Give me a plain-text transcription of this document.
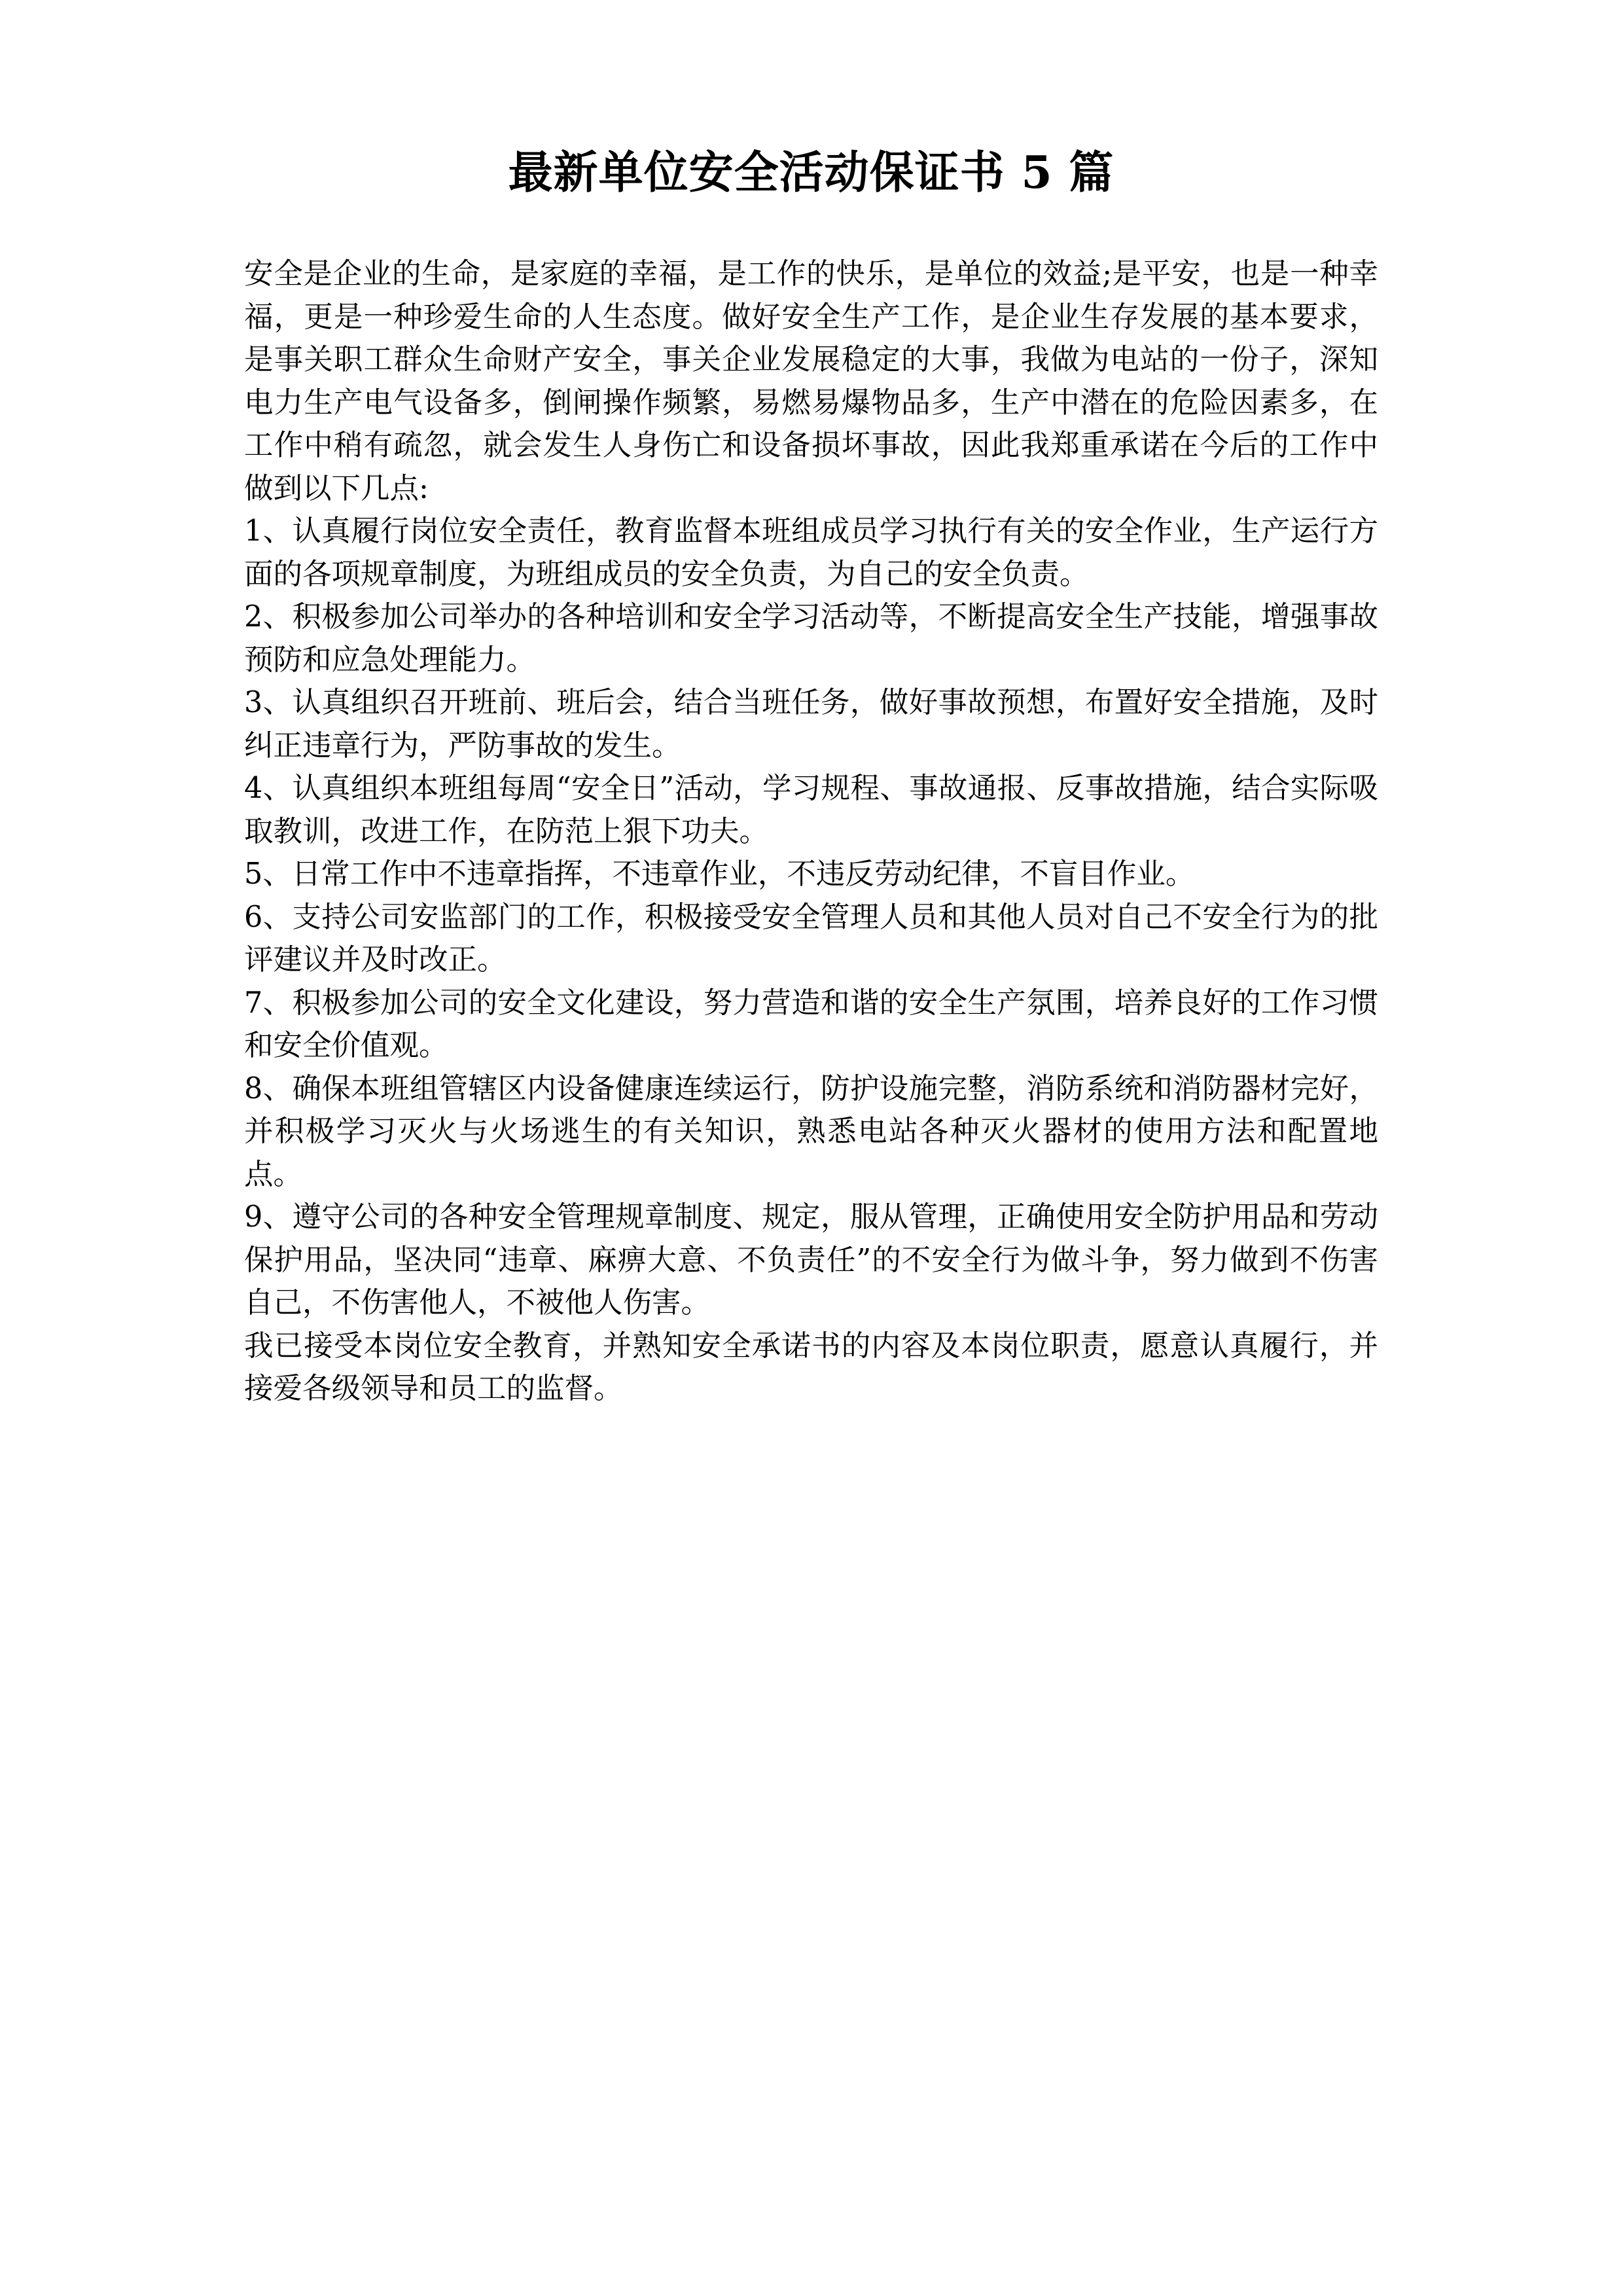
最新单位安全活动保证书 5 篇

安全是企业的生命，是家庭的幸福，是工作的快乐，是单位的效益;是平安，也是一种幸福，更是一种珍爱生命的人生态度。做好安全生产工作，是企业生存发展的基本要求，是事关职工群众生命财产安全，事关企业发展稳定的大事，我做为电站的一份子，深知电力生产电气设备多，倒闸操作频繁，易燃易爆物品多，生产中潜在的危险因素多，在工作中稍有疏忽，就会发生人身伤亡和设备损坏事故，因此我郑重承诺在今后的工作中做到以下几点:

1、认真履行岗位安全责任，教育监督本班组成员学习执行有关的安全作业，生产运行方面的各项规章制度，为班组成员的安全负责，为自己的安全负责。

2、积极参加公司举办的各种培训和安全学习活动等，不断提高安全生产技能，增强事故预防和应急处理能力。

3、认真组织召开班前、班后会，结合当班任务，做好事故预想，布置好安全措施，及时纠正违章行为，严防事故的发生。

4、认真组织本班组每周“安全日”活动，学习规程、事故通报、反事故措施，结合实际吸取教训，改进工作，在防范上狠下功夫。

5、日常工作中不违章指挥，不违章作业，不违反劳动纪律，不盲目作业。

6、支持公司安监部门的工作，积极接受安全管理人员和其他人员对自己不安全行为的批评建议并及时改正。

7、积极参加公司的安全文化建设，努力营造和谐的安全生产氛围，培养良好的工作习惯和安全价值观。

8、确保本班组管辖区内设备健康连续运行，防护设施完整，消防系统和消防器材完好，并积极学习灭火与火场逃生的有关知识，熟悉电站各种灭火器材的使用方法和配置地点。

9、遵守公司的各种安全管理规章制度、规定，服从管理，正确使用安全防护用品和劳动保护用品，坚决同“违章、麻痹大意、不负责任”的不安全行为做斗争，努力做到不伤害自己，不伤害他人，不被他人伤害。

我已接受本岗位安全教育，并熟知安全承诺书的内容及本岗位职责，愿意认真履行，并接爱各级领导和员工的监督。
